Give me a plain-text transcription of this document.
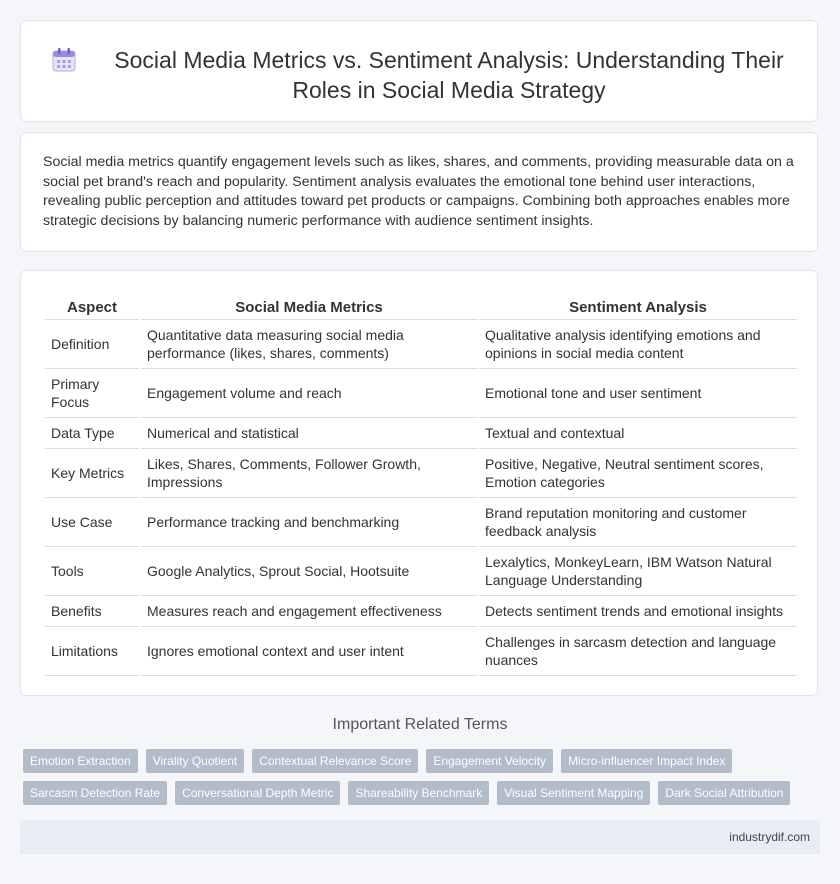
Social Media Metrics vs. Sentiment Analysis: Understanding Their Roles in Social Media Strategy

Social media metrics quantify engagement levels such as likes, shares, and comments, providing measurable data on a social pet brand's reach and popularity. Sentiment analysis evaluates the emotional tone behind user interactions, revealing public perception and attitudes toward pet products or campaigns. Combining both approaches enables more strategic decisions by balancing numeric performance with audience sentiment insights.

Aspect	Social Media Metrics	Sentiment Analysis
Definition	Quantitative data measuring social media performance (likes, shares, comments)	Qualitative analysis identifying emotions and opinions in social media content
Primary Focus	Engagement volume and reach	Emotional tone and user sentiment
Data Type	Numerical and statistical	Textual and contextual
Key Metrics	Likes, Shares, Comments, Follower Growth, Impressions	Positive, Negative, Neutral sentiment scores, Emotion categories
Use Case	Performance tracking and benchmarking	Brand reputation monitoring and customer feedback analysis
Tools	Google Analytics, Sprout Social, Hootsuite	Lexalytics, MonkeyLearn, IBM Watson Natural Language Understanding
Benefits	Measures reach and engagement effectiveness	Detects sentiment trends and emotional insights
Limitations	Ignores emotional context and user intent	Challenges in sarcasm detection and language nuances
Important Related Terms
Emotion Extraction	Virality Quotient	Contextual Relevance Score	Engagement Velocity	Micro-influencer Impact Index
Sarcasm Detection Rate	Conversational Depth Metric	Shareability Benchmark	Visual Sentiment Mapping	Dark Social Attribution
industrydif.com
